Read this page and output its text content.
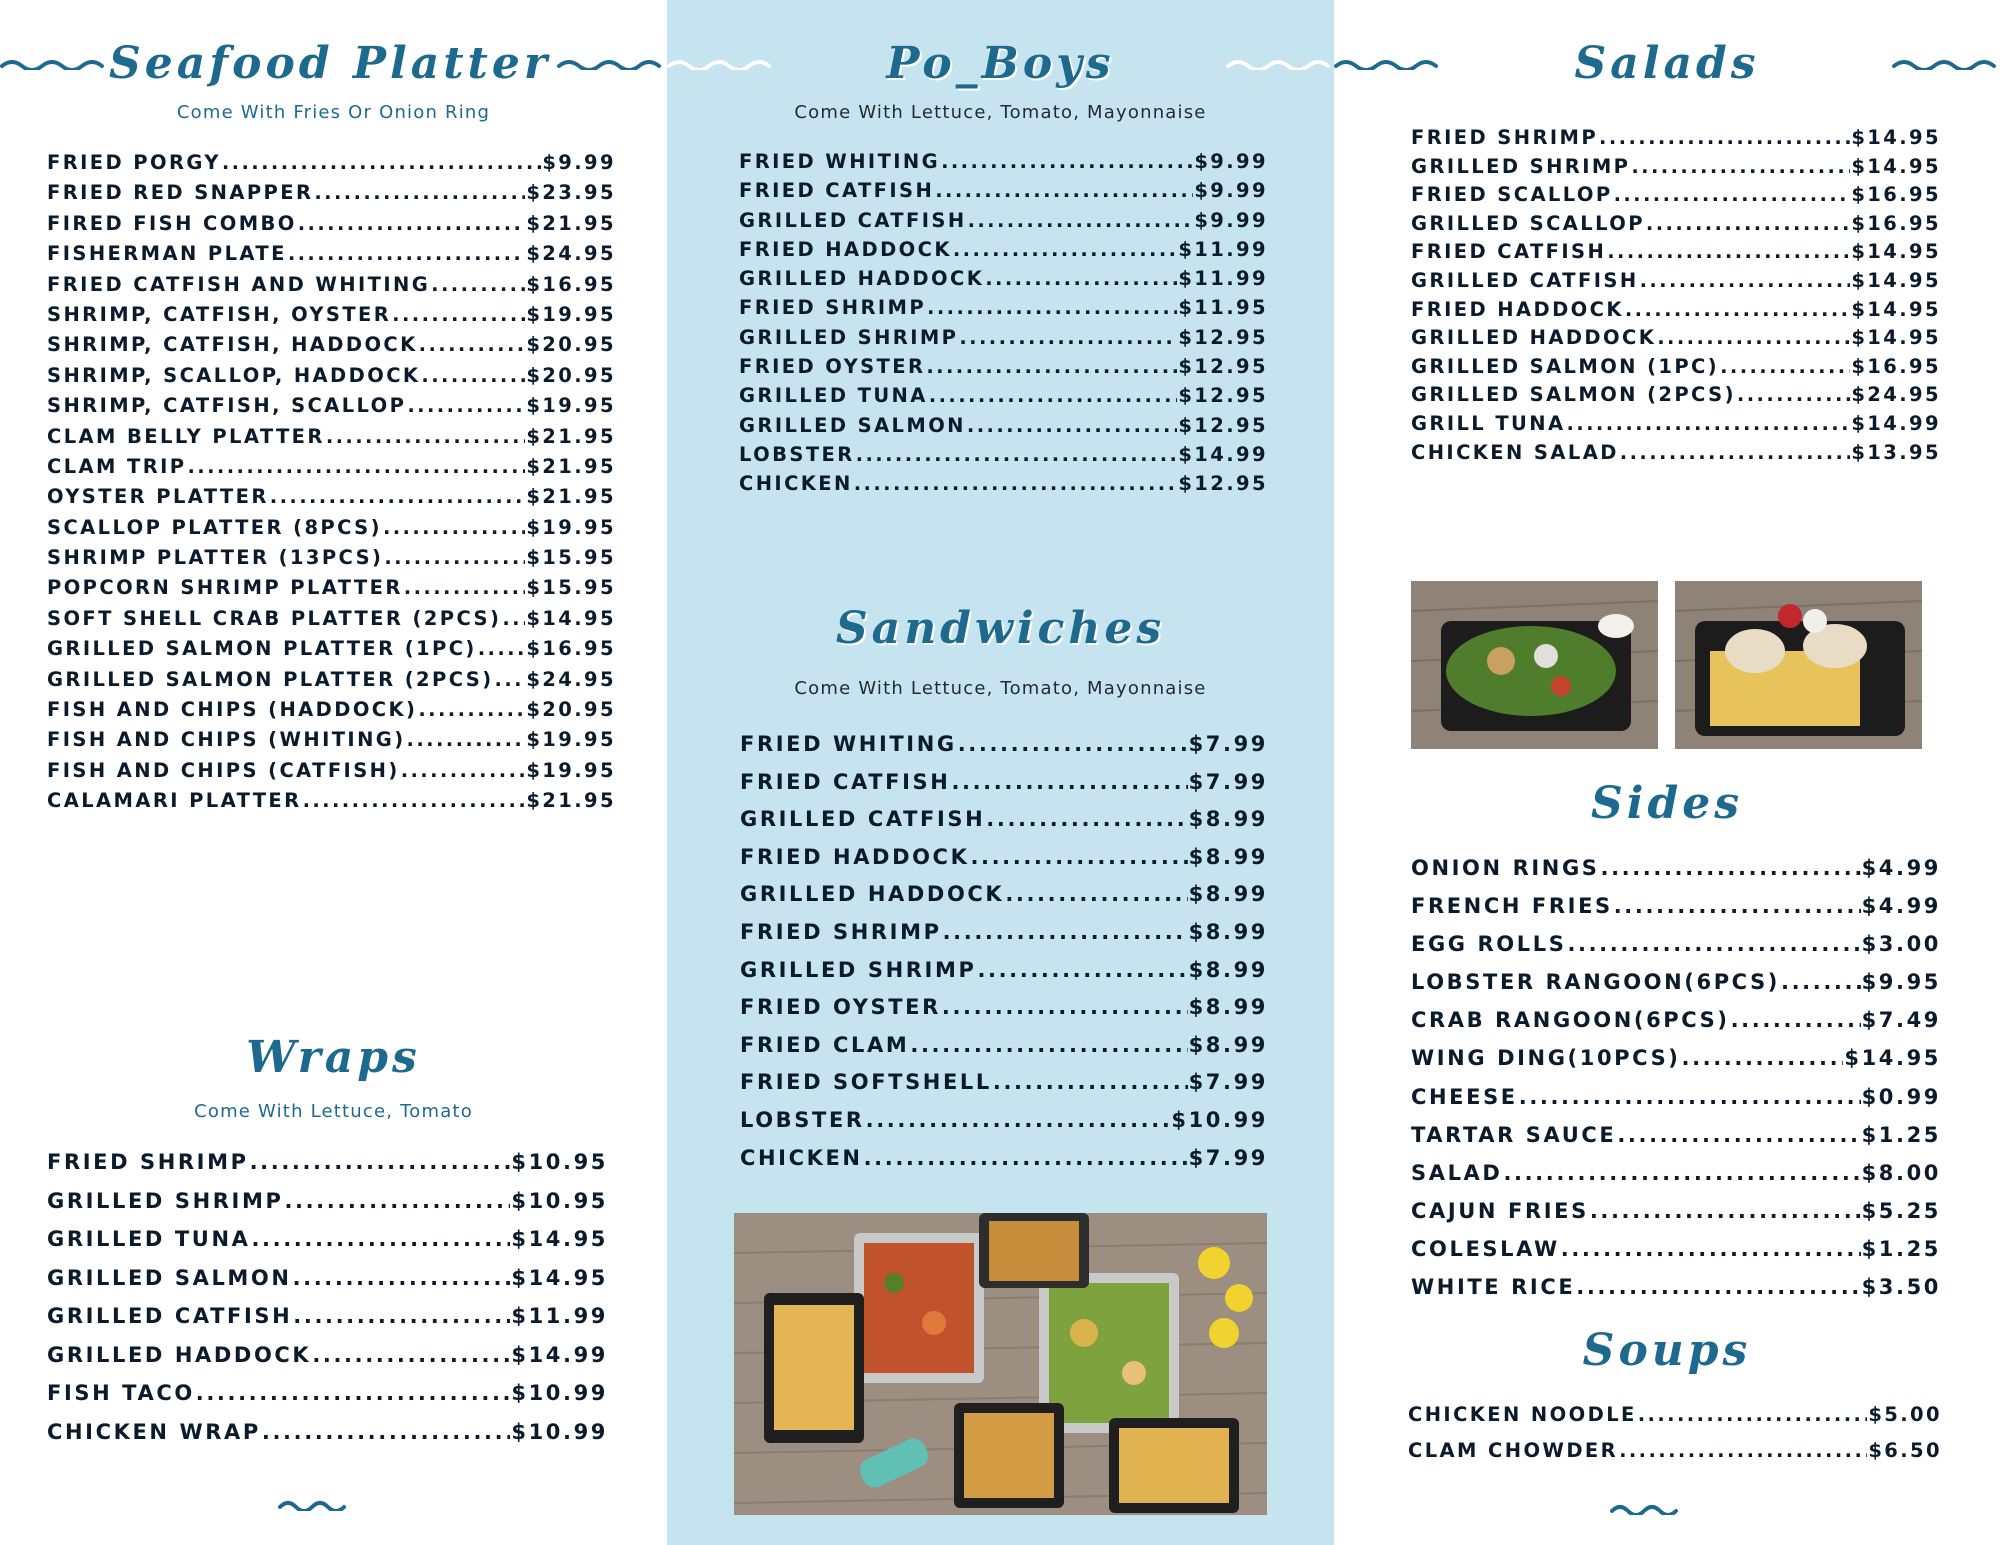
Seafood Platter

Come With Fries Or Onion Ring

FRIED PORGY .....	$9.99
FRIED RED SNAPPER .....	$23.95
FIRED FISH COMBO .....	$21.95
FISHERMAN PLATE .....	$24.95
FRIED CATFISH AND WHITING .....	$16.95
SHRIMP, CATFISH, OYSTER .....	$19.95
SHRIMP, CATFISH, HADDOCK .....	$20.95
SHRIMP, SCALLOP, HADDOCK .....	$20.95
SHRIMP, CATFISH, SCALLOP .....	$19.95
CLAM BELLY PLATTER .....	$21.95
CLAM TRIP .....	$21.95
OYSTER PLATTER .....	$21.95
SCALLOP PLATTER (8PCS) .....	$19.95
SHRIMP PLATTER (13PCS) .....	$15.95
POPCORN SHRIMP PLATTER .....	$15.95
SOFT SHELL CRAB PLATTER (2PCS) ..... $14.95
GRILLED SALMON PLATTER (1PC) .....	$16.95
GRILLED SALMON PLATTER (2PCS) ..... $24.95
FISH AND CHIPS (HADDOCK) .....	$20.95
FISH AND CHIPS (WHITING) .....	$19.95
FISH AND CHIPS (CATFISH) .....	$19.95
CALAMARI PLATTER .....	$21.95
Wraps

Come With Lettuce, Tomato

FRIED SHRIMP .....	$10.95
GRILLED SHRIMP .....	$10.95
GRILLED TUNA .....	$14.95
GRILLED SALMON .....	$14.95
GRILLED CATFISH .....	$11.99
GRILLED HADDOCK .....	$14.99
FISH TACO .....	$10.99
CHICKEN WRAP .....	$10.99
Po_Boys

Come With Lettuce, Tomato, Mayonnaise

FRIED WHITING .....	$9.99
FRIED CATFISH .....	$9.99
GRILLED CATFISH .....	$9.99
FRIED HADDOCK .....	$11.99
GRILLED HADDOCK .....	$11.99
FRIED SHRIMP .....	$11.95
GRILLED SHRIMP .....	$12.95
FRIED OYSTER .....	$12.95
GRILLED TUNA .....	$12.95
GRILLED SALMON .....	$12.95
LOBSTER .....	$14.99
CHICKEN .....	$12.95
Sandwiches

Come With Lettuce, Tomato, Mayonnaise

FRIED WHITING .....	$7.99
FRIED CATFISH .....	$7.99
GRILLED CATFISH .....	$8.99
FRIED HADDOCK .....	$8.99
GRILLED HADDOCK .....	$8.99
FRIED SHRIMP .....	$8.99
GRILLED SHRIMP .....	$8.99
FRIED OYSTER .....	$8.99
FRIED CLAM .....	$8.99
FRIED SOFTSHELL .....	$7.99
LOBSTER .....	$10.99
CHICKEN .....	$7.99
Salads
FRIED SHRIMP .....	$14.95
GRILLED SHRIMP .....	$14.95
FRIED SCALLOP .....	$16.95
GRILLED SCALLOP .....	$16.95
FRIED CATFISH .....	$14.95
GRILLED CATFISH .....	$14.95
FRIED HADDOCK .....	$14.95
GRILLED HADDOCK .....	$14.95
GRILLED SALMON (1PC) .....	$16.95
GRILLED SALMON (2PCS) .....	$24.95
GRILL TUNA .....	$14.99
CHICKEN SALAD .....	$13.95
Sides
ONION RINGS .....	$4.99
FRENCH FRIES .....	$4.99
EGG ROLLS .....	$3.00
LOBSTER RANGOON(6PCS) .....	$9.95
CRAB RANGOON(6PCS) .....	$7.49
WING DING(10PCS) .....	$14.95
CHEESE .....	$0.99
TARTAR SAUCE .....	$1.25
SALAD .....	$8.00
CAJUN FRIES .....	$5.25
COLESLAW .....	$1.25
WHITE RICE .....	$3.50
Soups
CHICKEN NOODLE .....	$5.00
CLAM CHOWDER .....	$6.50
